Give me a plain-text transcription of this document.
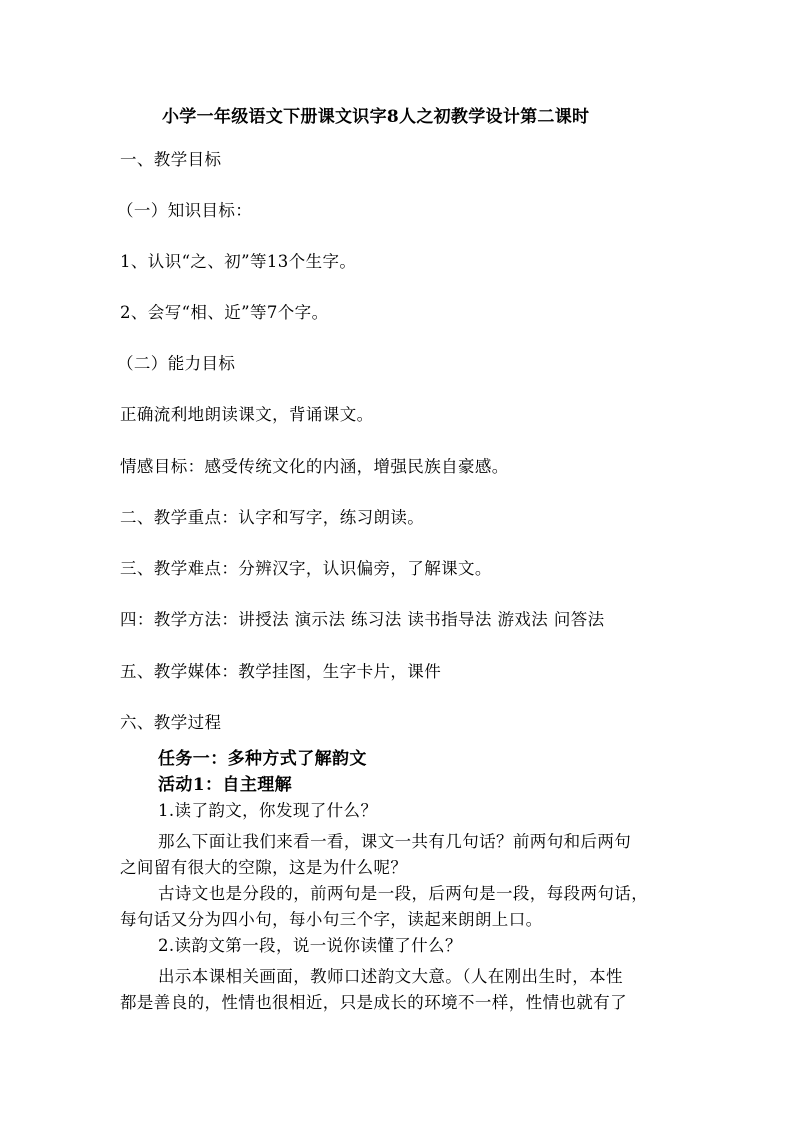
小学一年级语文下册课文识字8人之初教学设计第二课时
一、教学目标
（一）知识目标：
1、认识“之、初”等13个生字。
2、会写“相、近”等7个字。
（二）能力目标
正确流利地朗读课文，背诵课文。
情感目标：感受传统文化的内涵，增强民族自豪感。
二、教学重点：认字和写字，练习朗读。
三、教学难点：分辨汉字，认识偏旁，了解课文。
四：教学方法：讲授法 演示法 练习法 读书指导法 游戏法 问答法
五、教学媒体：教学挂图，生字卡片，课件
六、教学过程
任务一：多种方式了解韵文
活动1：自主理解
1.读了韵文，你发现了什么？
那么下面让我们来看一看，课文一共有几句话？前两句和后两句
之间留有很大的空隙，这是为什么呢？
古诗文也是分段的，前两句是一段，后两句是一段，每段两句话，
每句话又分为四小句，每小句三个字，读起来朗朗上口。
2.读韵文第一段，说一说你读懂了什么？
出示本课相关画面，教师口述韵文大意。（人在刚出生时，本性
都是善良的，性情也很相近，只是成长的环境不一样，性情也就有了
